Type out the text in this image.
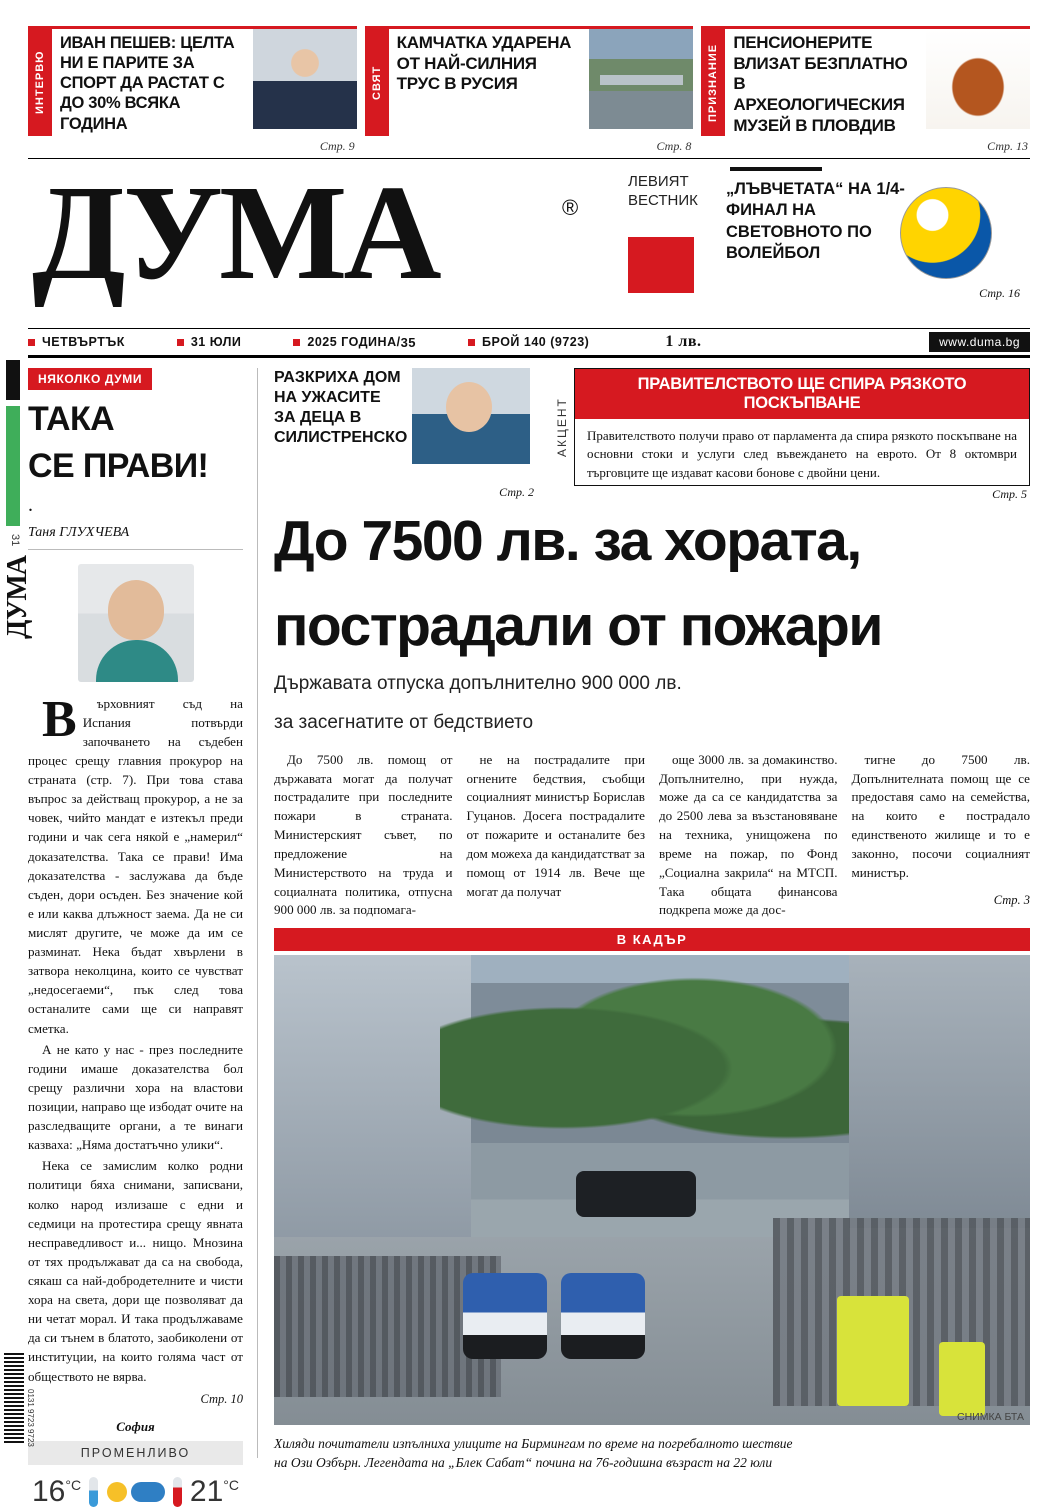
31
ДУМА
0131 9723 9723
ИНТЕРВЮ
ИВАН ПЕШЕВ: ЦЕЛТА НИ Е ПАРИТЕ ЗА СПОРТ ДА РАСТАТ С ДО 30% ВСЯКА ГОДИНА
Стр. 9
СВЯТ
КАМЧАТКА УДАРЕНА ОТ НАЙ-СИЛНИЯ ТРУС В РУСИЯ
Стр. 8
ПРИЗНАНИЕ
ПЕНСИОНЕРИТЕ ВЛИЗАТ БЕЗПЛАТНО В АРХЕОЛОГИЧЕСКИЯ МУЗЕЙ В ПЛОВДИВ
Стр. 13
ДУМА	®
ЛЕВИЯТ
ВЕСТНИК
„ЛЪВЧЕТАТА“ НА 1/4-ФИНАЛ НА СВЕТОВНОТО ПО ВОЛЕЙБОЛ
Стр. 16
ЧЕТВЪРТЪК	31 ЮЛИ	2025 ГОДИНА/ 35	БРОЙ 140 (9723)	1 лв.	www.duma.bg
НЯКОЛКО ДУМИ
ТАКА
СЕ ПРАВИ!
.
Таня ГЛУХЧЕВА

В	ърховният съд на Испания потвърди започването на съдебен процес срещу главния прокурор на страната (стр. 7). При това става въпрос за действащ прокурор, а не за човек, чийто мандат е изтекъл преди години и чак сега някой е „намерил“ доказателства. Така се прави! Има доказателства - заслужава да бъде съден, дори осъден. Без значение кой е или каква длъжност заема. Да не си мислят другите, че може да им се разминат. Нека бъдат хвърлени в затвора неколцина, които се чувстват „недосегаеми“, пък след това останалите сами ще си направят сметка.

А не като у нас - през последните години имаше доказателства бол срещу различни хора на властови позиции, направо ще избодат очите на разследващите органи, а те винаги казваха: „Няма достатъчно улики“.

Нека се замислим колко родни политици бяха снимани, записвани, колко народ излизаше с едни и седмици на протестира срещу явната несправедливост и... нищо. Мнозина от тях продължават да са на свобода, сякаш са най-добродетелните и чисти хора на света, дори ще позволяват да ни четат морал. И така продължаваме да си тънем в блатото, заобиколени от институции, на които голяма част от обществото не вярва.

Стр. 10
София
ПРОМЕНЛИВО
$16^{^\circ C}$	$21^{^\circ C}$
РАЗКРИХА ДОМ НА УЖАСИТЕ ЗА ДЕЦА В СИЛИСТРЕНСКО
Стр. 2
АКЦЕНТ
ПРАВИТЕЛСТВОТО ЩЕ СПИРА РЯЗКОТО ПОСКЪПВАНЕ
Правителството получи право от парламента да спира рязкото поскъпване на основни стоки и услуги след въвеждането на еврото. От 8 октомври търговците ще издават касови бонове с двойни цени.
Стр. 5
До 7500 лв. за хората,
пострадали от пожари
Държавата отпуска допълнително 900 000 лв.
за засегнатите от бедствието

До 7500 лв. помощ от държавата могат да получат пострадалите при последните пожари в страната. Министерският съвет, по предложение на Министерството на труда и социалната политика, отпусна 900 000 лв. за подпомага-

не на пострадалите при огнените бедствия, съобщи социалният министър Борислав Гуцанов. Досега пострадалите от пожарите и останалите без дом можеха да кандидатстват за помощ от 1914 лв. Вече ще могат да получат

още 3000 лв. за домакинство. Допълнително, при нужда, може да са се кандидатства за до 2500 лева за възстановяване на техника, унищожена по време на пожар, по Фонд „Социална закрила“ на МТСП. Така общата финансова подкрепа може да дос-

тигне до 7500 лв. Допълнителната помощ ще се предоставя само на семейства, на които е пострадало единственото жилище и то е законно, посочи социалният министър.

Стр. 3
В КАДЪР
СНИМКА БТА
Хиляди почитатели изпълниха улиците на Бирмингам по време на погребалното шествие
на Ози Озбърн. Легендата на „Блек Сабат“ почина на 76-годишна възраст на 22 юли
